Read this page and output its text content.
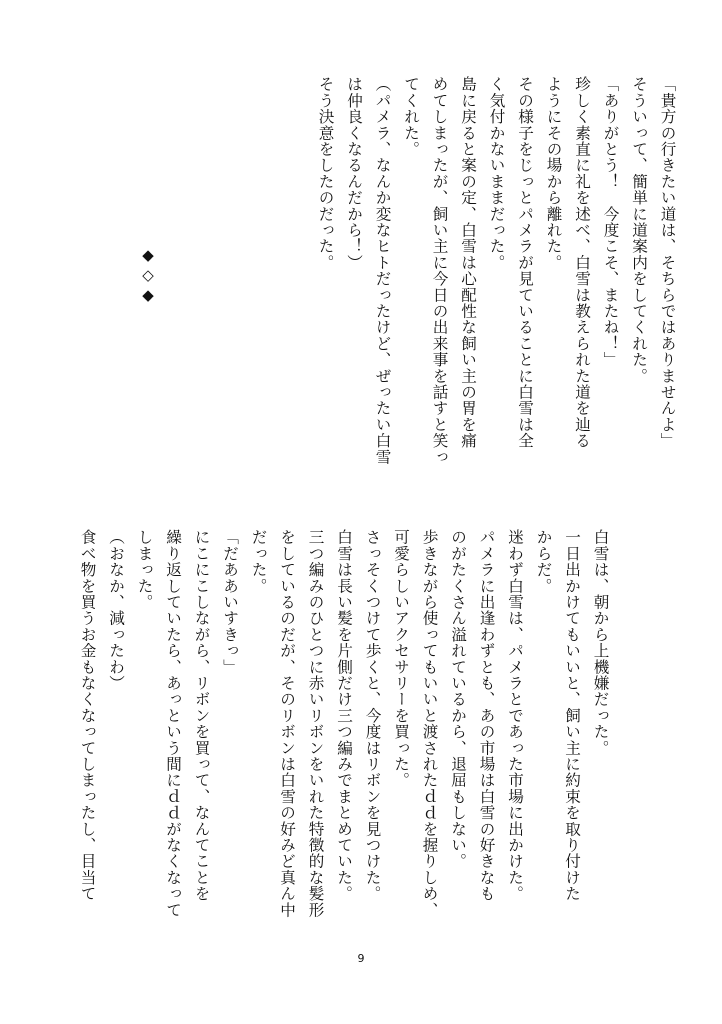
「貴方の行きたい道は、そちらではありませんよ」
そういって、簡単に道案内をしてくれた。
「ありがとう！　今度こそ、またね！」
珍しく素直に礼を述べ、白雪は教えられた道を辿る
ようにその場から離れた。
その様子をじっとパメラが見ていることに白雪は全
く気付かないままだった。
島に戻ると案の定、白雪は心配性な飼い主の胃を痛
めてしまったが、飼い主に今日の出来事を話すと笑っ
てくれた。
（パメラ、なんか変なヒトだったけど、ぜったい白雪
は仲良くなるんだから！）
そう決意をしたのだった。
◆◇◆
白雪は、朝から上機嫌だった。
一日出かけてもいいと、飼い主に約束を取り付けた
からだ。
迷わず白雪は、パメラとであった市場に出かけた。
パメラに出逢わずとも、あの市場は白雪の好きなも
のがたくさん溢れているから、退屈もしない。
歩きながら使ってもいいと渡されたｄｄを握りしめ、
可愛らしいアクセサリーを買った。
さっそくつけて歩くと、今度はリボンを見つけた。
白雪は長い髪を片側だけ三つ編みでまとめていた。
三つ編みのひとつに赤いリボンをいれた特徴的な髪形
をしているのだが、そのリボンは白雪の好みど真ん中
だった。
「だああいすきっ」
にこにこしながら、リボンを買って、なんてことを
繰り返していたら、あっという間にｄｄがなくなって
しまった。
（おなか、減ったわ）
食べ物を買うお金もなくなってしまったし、目当て
9
